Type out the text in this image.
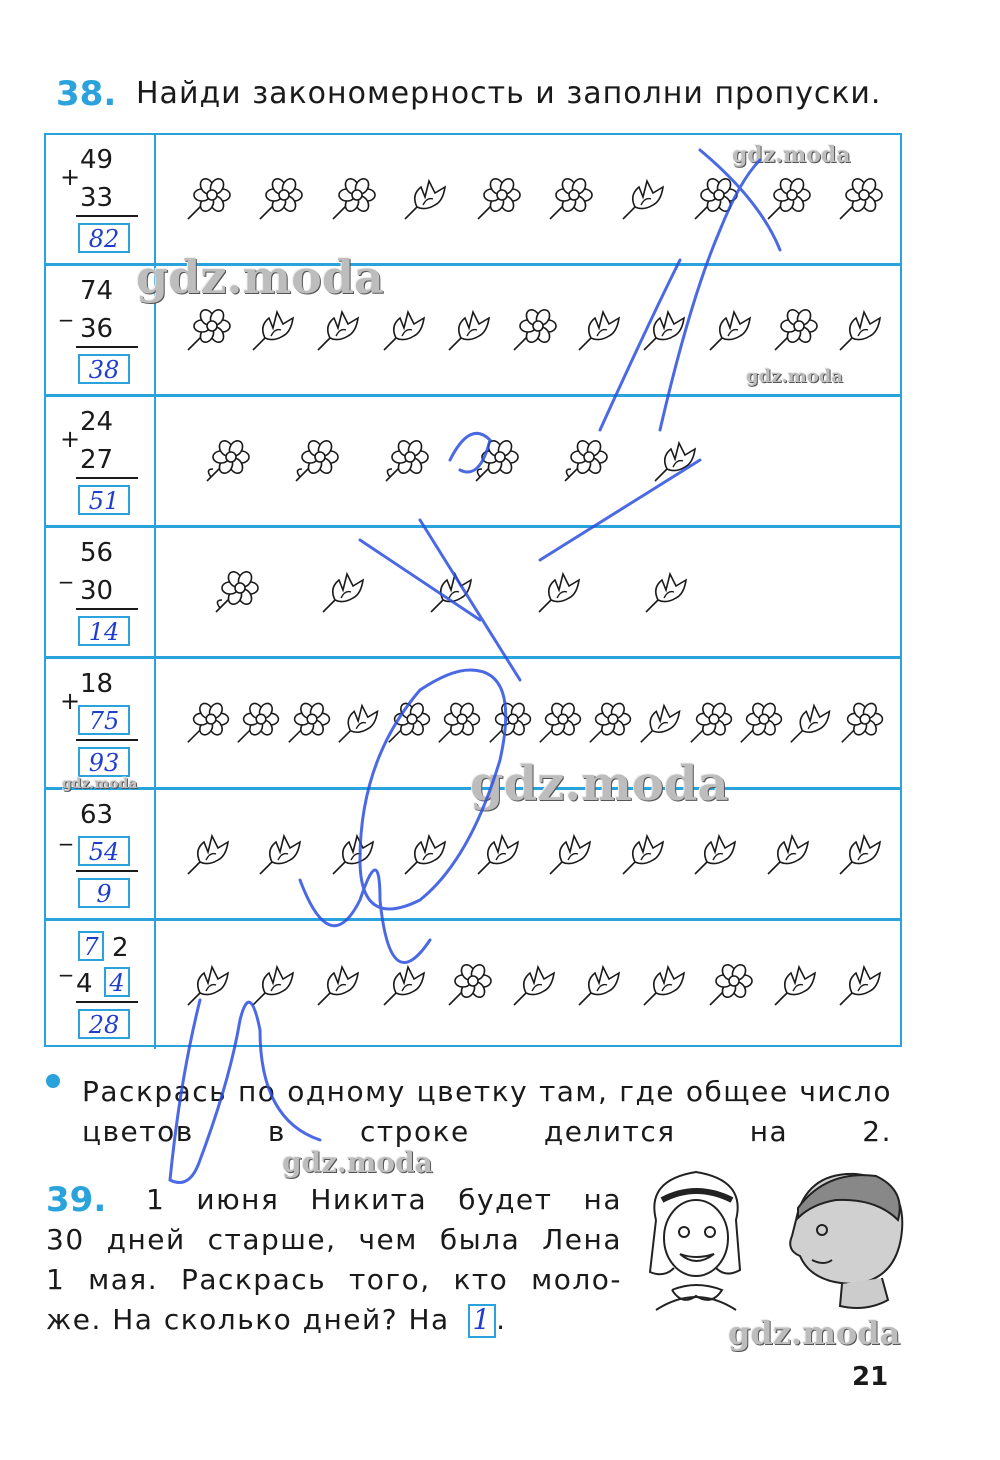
38. Найди закономерность и заполни пропуски.
+
49
33
82
_
74
36
38
+
24
27
51
_
56
30
14
+
18
75
93
_
63
54
9
_
7 2
4 4
28
Раскрась по одному цветку там, где общее число цветов в строке делится на 2.
39. 1 июня Никита будет на
30 дней старше, чем была Лена
1 мая. Раскрась того, кто моло-
же. На сколько дней? На 1 .
gdz.moda
gdz.moda
gdz.moda
gdz.moda	gdz.moda
gdz.moda
gdz.moda
21
